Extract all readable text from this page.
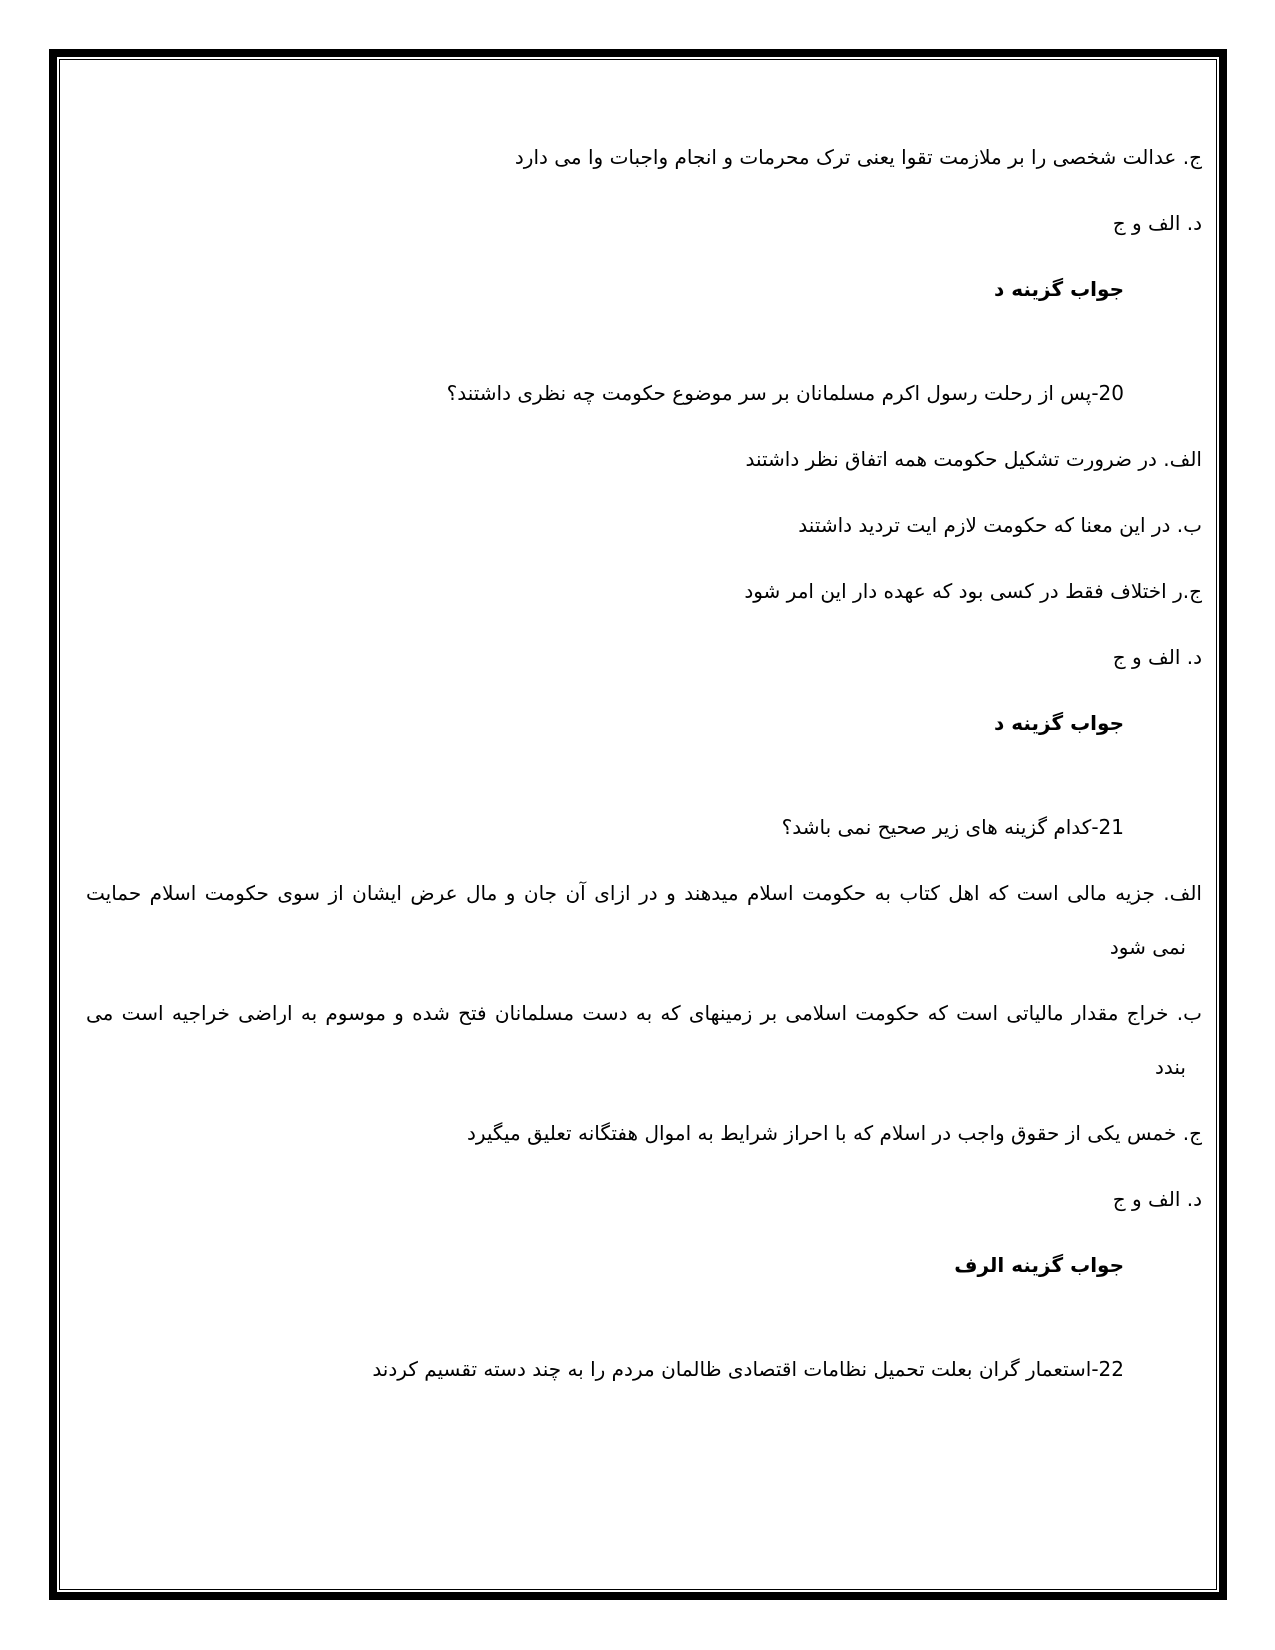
ج. عدالت شخصی را بر ملازمت تقوا یعنی ترک محرمات و انجام واجبات وا می دارد

د. الف و ج

جواب گزینه د

20-پس از رحلت رسول اکرم مسلمانان بر سر موضوع حکومت چه نظری داشتند؟

الف. در ضرورت تشکیل حکومت همه اتفاق نظر داشتند

ب. در این معنا که حکومت لازم ایت تردید داشتند

ج.ر اختلاف فقط در کسی بود که عهده دار این امر شود

د. الف و ج

جواب گزینه د

21-کدام گزینه های زیر صحیح نمی باشد؟

الف. جزیه مالی است که اهل کتاب به حکومت اسلام میدهند و در ازای آن جان و مال عرض ایشان از سوی حکومت اسلام حمایت

نمی شود

ب. خراج مقدار مالیاتی است که حکومت اسلامی بر زمینهای که به دست مسلمانان فتح شده و موسوم به اراضی خراجیه است می

بندد

ج. خمس یکی از حقوق واجب در اسلام که با احراز شرایط به اموال هفتگانه تعلیق میگیرد

د. الف و ج

جواب گزینه الرف

22-استعمار گران بعلت تحمیل نظامات اقتصادی ظالمان مردم را به چند دسته تقسیم کردند
